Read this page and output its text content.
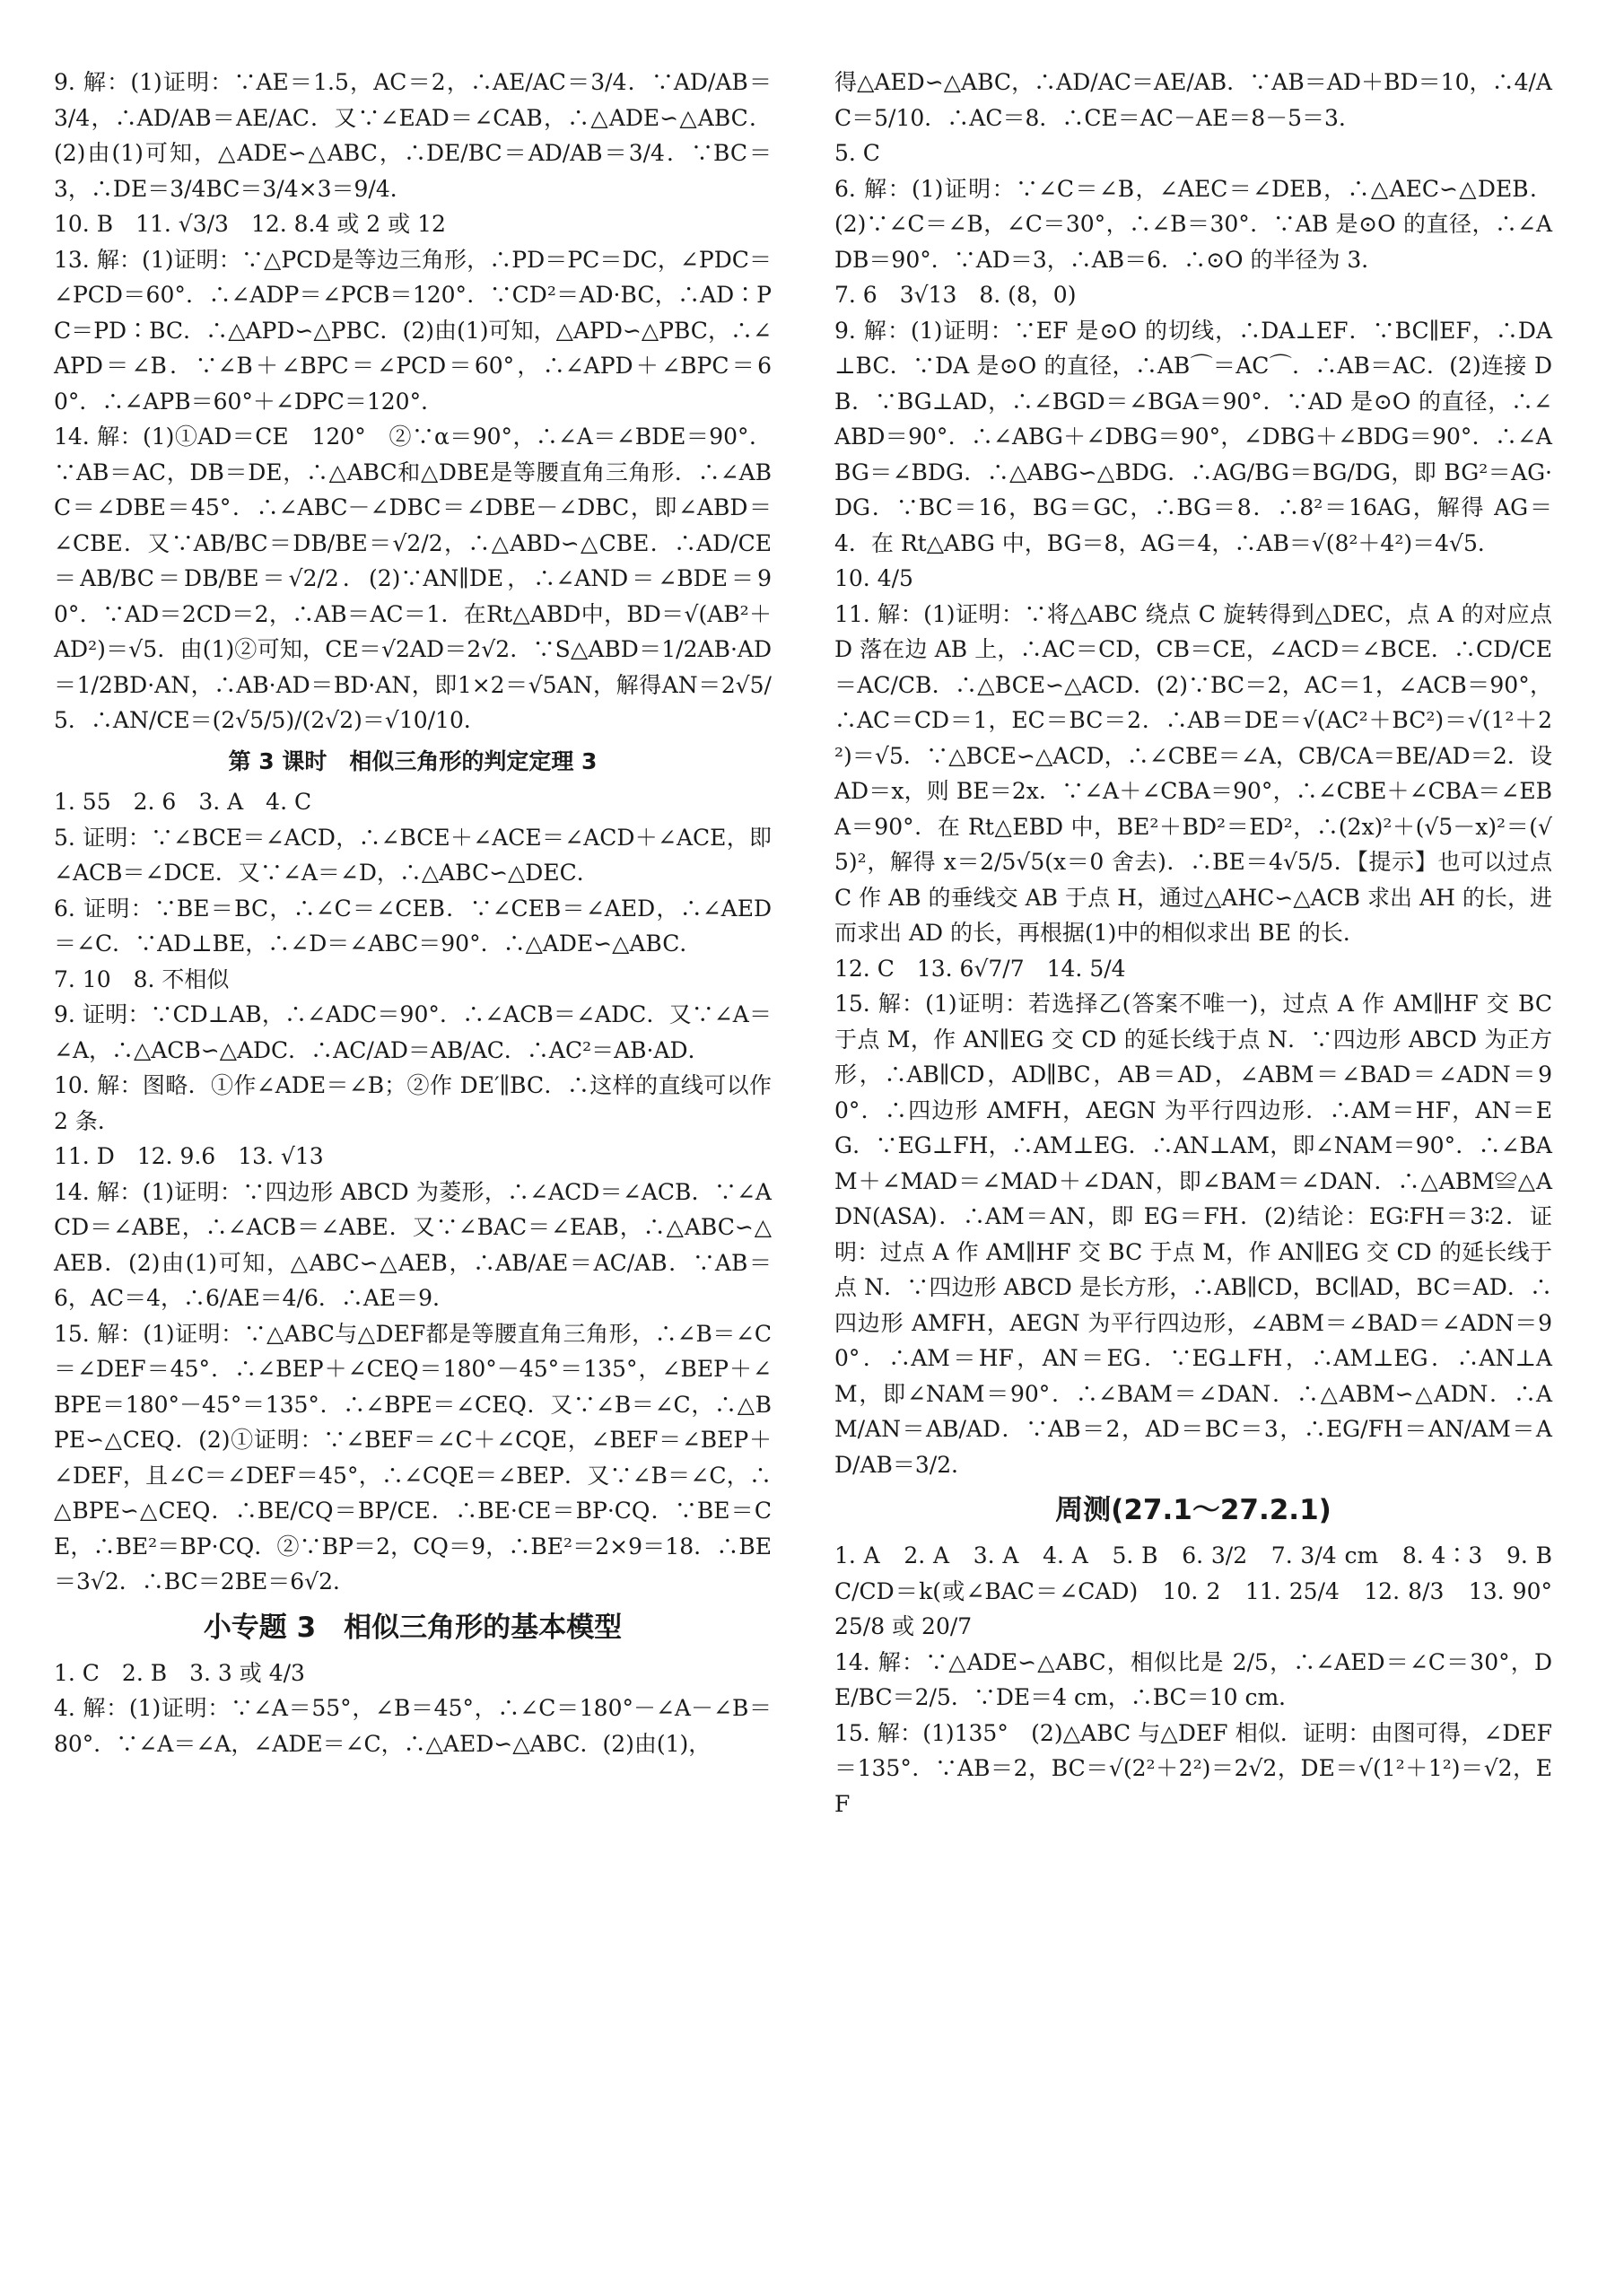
9. 解：(1)证明：∵AE＝1.5，AC＝2，∴AE/AC＝3/4．∵AD/AB＝3/4，∴AD/AB＝AE/AC．又∵∠EAD＝∠CAB，∴△ADE∽△ABC．(2)由(1)可知，△ADE∽△ABC，∴DE/BC＝AD/AB＝3/4．∵BC＝3，∴DE＝3/4BC＝3/4×3＝9/4．

10. B　11. √3/3　12. 8.4 或 2 或 12

13. 解：(1)证明：∵△PCD是等边三角形，∴PD＝PC＝DC，∠PDC＝∠PCD＝60°．∴∠ADP＝∠PCB＝120°．∵CD²＝AD·BC，∴AD∶PC＝PD∶BC．∴△APD∽△PBC．(2)由(1)可知，△APD∽△PBC，∴∠APD＝∠B．∵∠B＋∠BPC＝∠PCD＝60°，∴∠APD＋∠BPC＝60°．∴∠APB＝60°＋∠DPC＝120°．

14. 解：(1)①AD＝CE　120°　②∵α＝90°，∴∠A＝∠BDE＝90°．∵AB＝AC，DB＝DE，∴△ABC和△DBE是等腰直角三角形．∴∠ABC＝∠DBE＝45°．∴∠ABC－∠DBC＝∠DBE－∠DBC，即∠ABD＝∠CBE．又∵AB/BC＝DB/BE＝√2/2，∴△ABD∽△CBE．∴AD/CE＝AB/BC＝DB/BE＝√2/2．(2)∵AN∥DE，∴∠AND＝∠BDE＝90°．∵AD＝2CD＝2，∴AB＝AC＝1．在Rt△ABD中，BD＝√(AB²＋AD²)＝√5．由(1)②可知，CE＝√2AD＝2√2．∵S△ABD＝1/2AB·AD＝1/2BD·AN，∴AB·AD＝BD·AN，即1×2＝√5AN，解得AN＝2√5/5．∴AN/CE＝(2√5/5)/(2√2)＝√10/10．

第 3 课时　相似三角形的判定定理 3

1. 55　2. 6　3. A　4. C

5. 证明：∵∠BCE＝∠ACD，∴∠BCE＋∠ACE＝∠ACD＋∠ACE，即∠ACB＝∠DCE．又∵∠A＝∠D，∴△ABC∽△DEC．

6. 证明：∵BE＝BC，∴∠C＝∠CEB．∵∠CEB＝∠AED，∴∠AED＝∠C．∵AD⊥BE，∴∠D＝∠ABC＝90°．∴△ADE∽△ABC．

7. 10　8. 不相似

9. 证明：∵CD⊥AB，∴∠ADC＝90°．∴∠ACB＝∠ADC．又∵∠A＝∠A，∴△ACB∽△ADC．∴AC/AD＝AB/AC．∴AC²＝AB·AD．

10. 解：图略．①作∠ADE＝∠B；②作 DE′∥BC．∴这样的直线可以作 2 条．

11. D　12. 9.6　13. √13

14. 解：(1)证明：∵四边形 ABCD 为菱形，∴∠ACD＝∠ACB．∵∠ACD＝∠ABE，∴∠ACB＝∠ABE．又∵∠BAC＝∠EAB，∴△ABC∽△AEB．(2)由(1)可知，△ABC∽△AEB，∴AB/AE＝AC/AB．∵AB＝6，AC＝4，∴6/AE＝4/6．∴AE＝9．

15. 解：(1)证明：∵△ABC与△DEF都是等腰直角三角形，∴∠B＝∠C＝∠DEF＝45°．∴∠BEP＋∠CEQ＝180°－45°＝135°，∠BEP＋∠BPE＝180°－45°＝135°．∴∠BPE＝∠CEQ．又∵∠B＝∠C，∴△BPE∽△CEQ．(2)①证明：∵∠BEF＝∠C＋∠CQE，∠BEF＝∠BEP＋∠DEF，且∠C＝∠DEF＝45°，∴∠CQE＝∠BEP．又∵∠B＝∠C，∴△BPE∽△CEQ．∴BE/CQ＝BP/CE．∴BE·CE＝BP·CQ．∵BE＝CE，∴BE²＝BP·CQ．②∵BP＝2，CQ＝9，∴BE²＝2×9＝18．∴BE＝3√2．∴BC＝2BE＝6√2．

小专题 3　相似三角形的基本模型

1. C　2. B　3. 3 或 4/3

4. 解：(1)证明：∵∠A＝55°，∠B＝45°，∴∠C＝180°－∠A－∠B＝80°．∵∠A＝∠A，∠ADE＝∠C，∴△AED∽△ABC．(2)由(1)，

得△AED∽△ABC，∴AD/AC＝AE/AB．∵AB＝AD＋BD＝10，∴4/AC＝5/10．∴AC＝8．∴CE＝AC－AE＝8－5＝3．

5. C

6. 解：(1)证明：∵∠C＝∠B，∠AEC＝∠DEB，∴△AEC∽△DEB．(2)∵∠C＝∠B，∠C＝30°，∴∠B＝30°．∵AB 是⊙O 的直径，∴∠ADB＝90°．∵AD＝3，∴AB＝6．∴⊙O 的半径为 3．

7. 6　3√13　8. (8，0)

9. 解：(1)证明：∵EF 是⊙O 的切线，∴DA⊥EF．∵BC∥EF，∴DA⊥BC．∵DA 是⊙O 的直径，∴AB⌒＝AC⌒．∴AB＝AC．(2)连接 DB．∵BG⊥AD，∴∠BGD＝∠BGA＝90°．∵AD 是⊙O 的直径，∴∠ABD＝90°．∴∠ABG＋∠DBG＝90°，∠DBG＋∠BDG＝90°．∴∠ABG＝∠BDG．∴△ABG∽△BDG．∴AG/BG＝BG/DG，即 BG²＝AG·DG．∵BC＝16，BG＝GC，∴BG＝8．∴8²＝16AG，解得 AG＝4．在 Rt△ABG 中，BG＝8，AG＝4，∴AB＝√(8²＋4²)＝4√5．

10. 4/5

11. 解：(1)证明：∵将△ABC 绕点 C 旋转得到△DEC，点 A 的对应点 D 落在边 AB 上，∴AC＝CD，CB＝CE，∠ACD＝∠BCE．∴CD/CE＝AC/CB．∴△BCE∽△ACD．(2)∵BC＝2，AC＝1，∠ACB＝90°，∴AC＝CD＝1，EC＝BC＝2．∴AB＝DE＝√(AC²＋BC²)＝√(1²＋2²)＝√5．∵△BCE∽△ACD，∴∠CBE＝∠A，CB/CA＝BE/AD＝2．设 AD＝x，则 BE＝2x．∵∠A＋∠CBA＝90°，∴∠CBE＋∠CBA＝∠EBA＝90°．在 Rt△EBD 中，BE²＋BD²＝ED²，∴(2x)²＋(√5－x)²＝(√5)²，解得 x＝2/5√5(x＝0 舍去)．∴BE＝4√5/5．【提示】也可以过点 C 作 AB 的垂线交 AB 于点 H，通过△AHC∽△ACB 求出 AH 的长，进而求出 AD 的长，再根据(1)中的相似求出 BE 的长．

12. C　13. 6√7/7　14. 5/4

15. 解：(1)证明：若选择乙(答案不唯一)，过点 A 作 AM∥HF 交 BC 于点 M，作 AN∥EG 交 CD 的延长线于点 N．∵四边形 ABCD 为正方形，∴AB∥CD，AD∥BC，AB＝AD，∠ABM＝∠BAD＝∠ADN＝90°．∴四边形 AMFH，AEGN 为平行四边形．∴AM＝HF，AN＝EG．∵EG⊥FH，∴AM⊥EG．∴AN⊥AM，即∠NAM＝90°．∴∠BAM＋∠MAD＝∠MAD＋∠DAN，即∠BAM＝∠DAN．∴△ABM≌△ADN(ASA)．∴AM＝AN，即 EG＝FH．(2)结论：EG∶FH＝3∶2．证明：过点 A 作 AM∥HF 交 BC 于点 M，作 AN∥EG 交 CD 的延长线于点 N．∵四边形 ABCD 是长方形，∴AB∥CD，BC∥AD，BC＝AD．∴四边形 AMFH，AEGN 为平行四边形，∠ABM＝∠BAD＝∠ADN＝90°．∴AM＝HF，AN＝EG．∵EG⊥FH，∴AM⊥EG．∴AN⊥AM，即∠NAM＝90°．∴∠BAM＝∠DAN．∴△ABM∽△ADN．∴AM/AN＝AB/AD．∵AB＝2，AD＝BC＝3，∴EG/FH＝AN/AM＝AD/AB＝3/2．

周测(27.1～27.2.1)

1. A　2. A　3. A　4. A　5. B　6. 3/2　7. 3/4 cm　8. 4∶3　9. BC/CD＝k(或∠BAC＝∠CAD)　10. 2　11. 25/4　12. 8/3　13. 90°　25/8 或 20/7

14. 解：∵△ADE∽△ABC，相似比是 2/5，∴∠AED＝∠C＝30°，DE/BC＝2/5．∵DE＝4 cm，∴BC＝10 cm．

15. 解：(1)135°　(2)△ABC 与△DEF 相似．证明：由图可得，∠DEF＝135°．∵AB＝2，BC＝√(2²＋2²)＝2√2，DE＝√(1²＋1²)＝√2，EF
